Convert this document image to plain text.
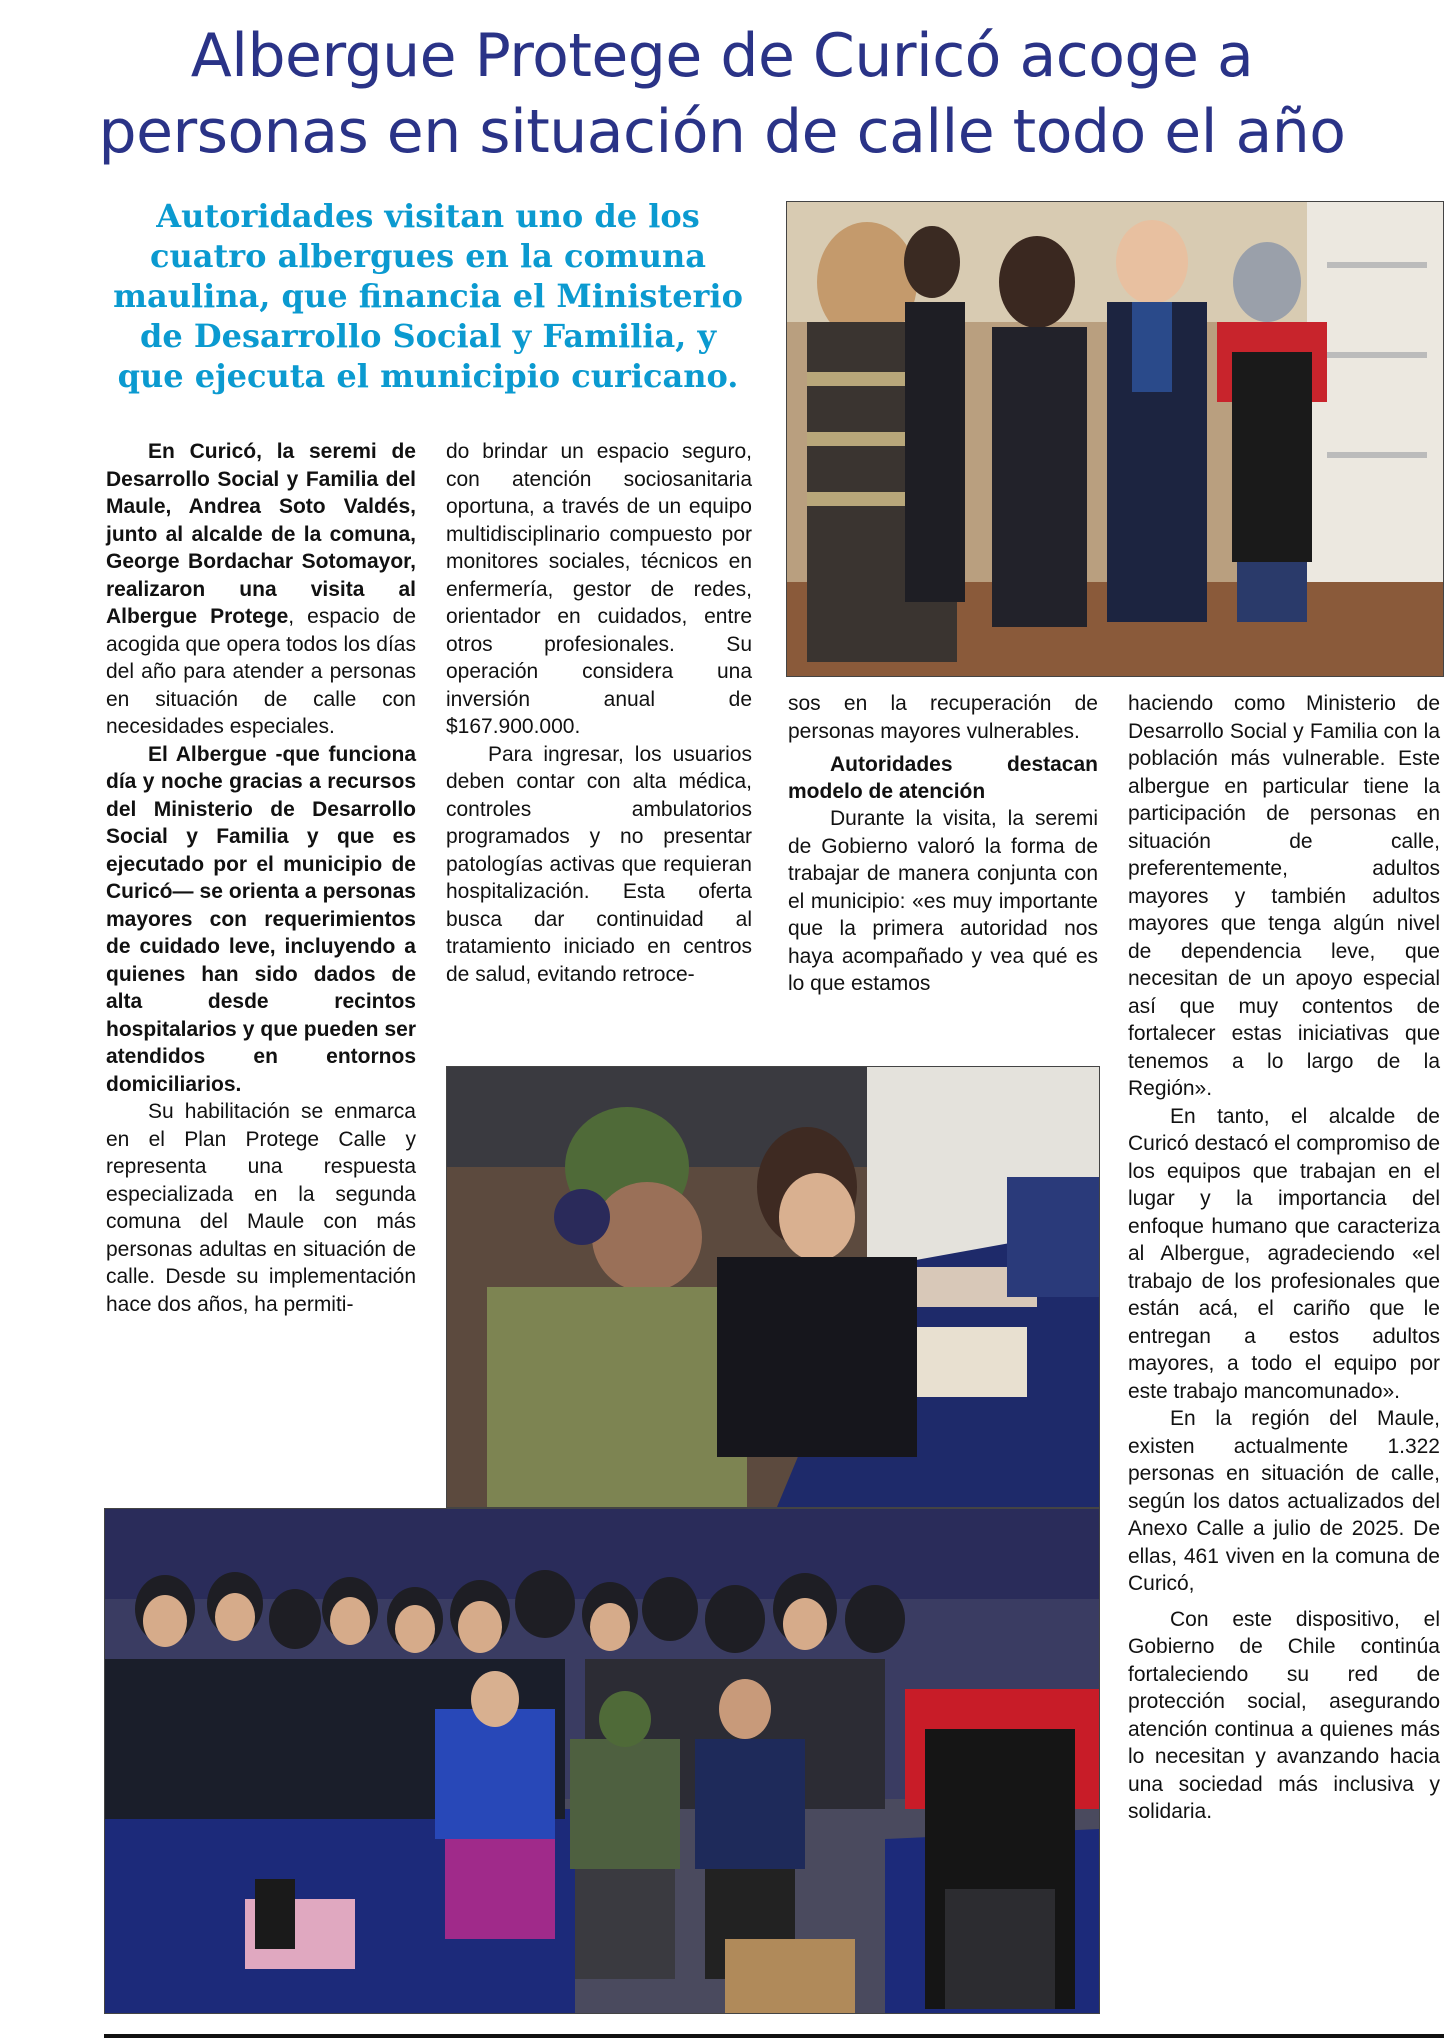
Albergue Protege de Curicó acoge a
personas en situación de calle todo el año
Autoridades visitan uno de los cuatro albergues en la comuna maulina, que financia el Ministerio de Desarrollo Social y Familia, y que ejecuta el municipio curicano.

En Curicó, la seremi de Desarrollo Social y Familia del Maule, Andrea Soto Valdés, junto al alcalde de la comuna, George Bordachar Sotomayor, realizaron una visita al Albergue Protege, espacio de acogida que opera todos los días del año para atender a personas en situación de calle con necesidades especiales.

El Albergue -que funciona día y noche gracias a recursos del Ministerio de Desarrollo Social y Familia y que es ejecutado por el municipio de Curicó— se orienta a personas mayores con requerimientos de cuidado leve, incluyendo a quienes han sido dados de alta desde recintos hospitalarios y que pueden ser atendidos en entornos domiciliarios.

Su habilitación se enmarca en el Plan Protege Calle y representa una respuesta especializada en la segunda comuna del Maule con más personas adultas en situación de calle. Desde su implementación hace dos años, ha permiti-

do brindar un espacio seguro, con atención sociosanitaria oportuna, a través de un equipo multidisciplinario compuesto por monitores sociales, técnicos en enfermería, gestor de redes, orientador en cuidados, entre otros profesionales. Su operación considera una inversión anual de $167.900.000.

Para ingresar, los usuarios deben contar con alta médica, controles ambulatorios programados y no presentar patologías activas que requieran hospitalización. Esta oferta busca dar continuidad al tratamiento iniciado en centros de salud, evitando retroce-

sos en la recuperación de personas mayores vulnerables.

Autoridades destacan modelo de atención

Durante la visita, la seremi de Gobierno valoró la forma de trabajar de manera conjunta con el municipio: «es muy importante que la primera autoridad nos haya acompañado y vea qué es lo que estamos

haciendo como Ministerio de Desarrollo Social y Familia con la población más vulnerable. Este albergue en particular tiene la participación de personas en situación de calle, preferentemente, adultos mayores y también adultos mayores que tenga algún nivel de dependencia leve, que necesitan de un apoyo especial así que muy contentos de fortalecer estas iniciativas que tenemos a lo largo de la Región».

En tanto, el alcalde de Curicó destacó el compromiso de los equipos que trabajan en el lugar y la importancia del enfoque humano que caracteriza al Albergue, agradeciendo «el trabajo de los profesionales que están acá, el cariño que le entregan a estos adultos mayores, a todo el equipo por este trabajo mancomunado».

En la región del Maule, existen actualmente 1.322 personas en situación de calle, según los datos actualizados del Anexo Calle a julio de 2025. De ellas, 461 viven en la comuna de Curicó,

Con este dispositivo, el Gobierno de Chile continúa fortaleciendo su red de protección social, asegurando atención continua a quienes más lo necesitan y avanzando hacia una sociedad más inclusiva y solidaria.
